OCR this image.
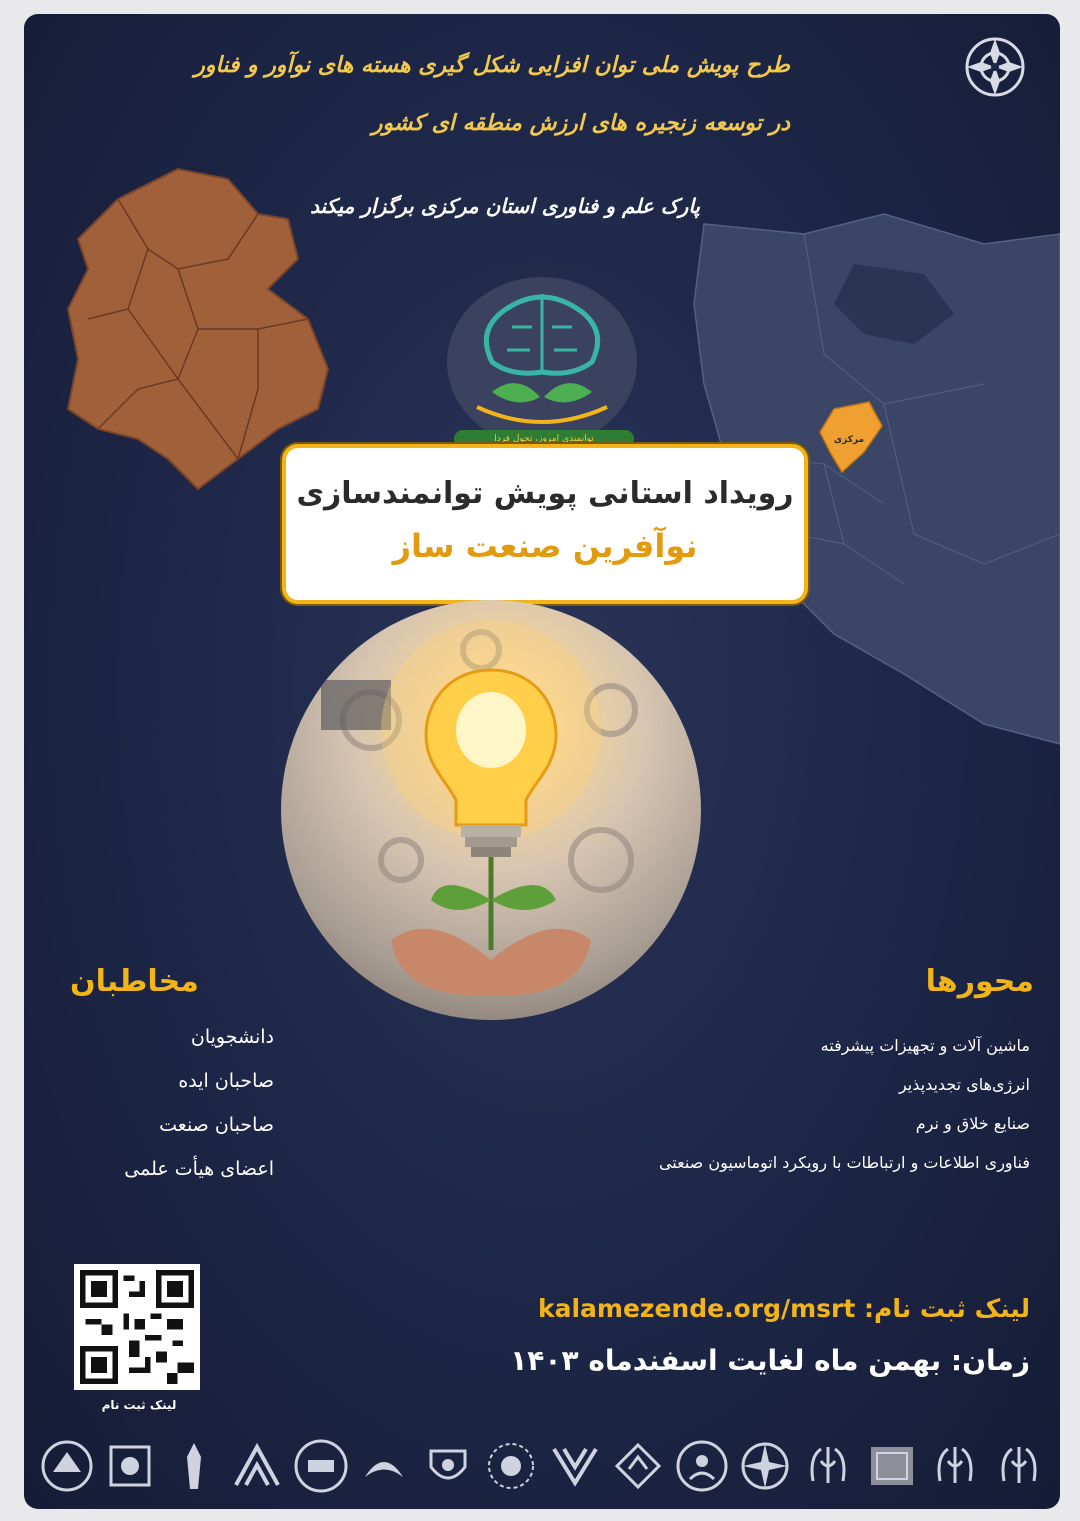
طرح پویش ملی توان افزایی شکل گیری هسته های نوآور و فناور
در توسعه زنجیره های ارزش منطقه ای کشور
پارک علم و فناوری استان مرکزی برگزار میکند
مرکزی
توانمندی امروز، تحول فردا
رویداد استانی پویش توانمندسازی
نوآفرین صنعت ساز
مخاطبان
دانشجویان
صاحبان ایده
صاحبان صنعت
اعضای هیأت علمی
محورها
ماشین آلات و تجهیزات پیشرفته
انرژی‌های تجدیدپذیر
صنایع خلاق و نرم
فناوری اطلاعات و ارتباطات با رویکرد اتوماسیون صنعتی
لینک ثبت نام: kalamezende.org/msrt
زمان: بهمن ماه لغایت اسفندماه ۱۴۰۳
لینک ثبت نام
